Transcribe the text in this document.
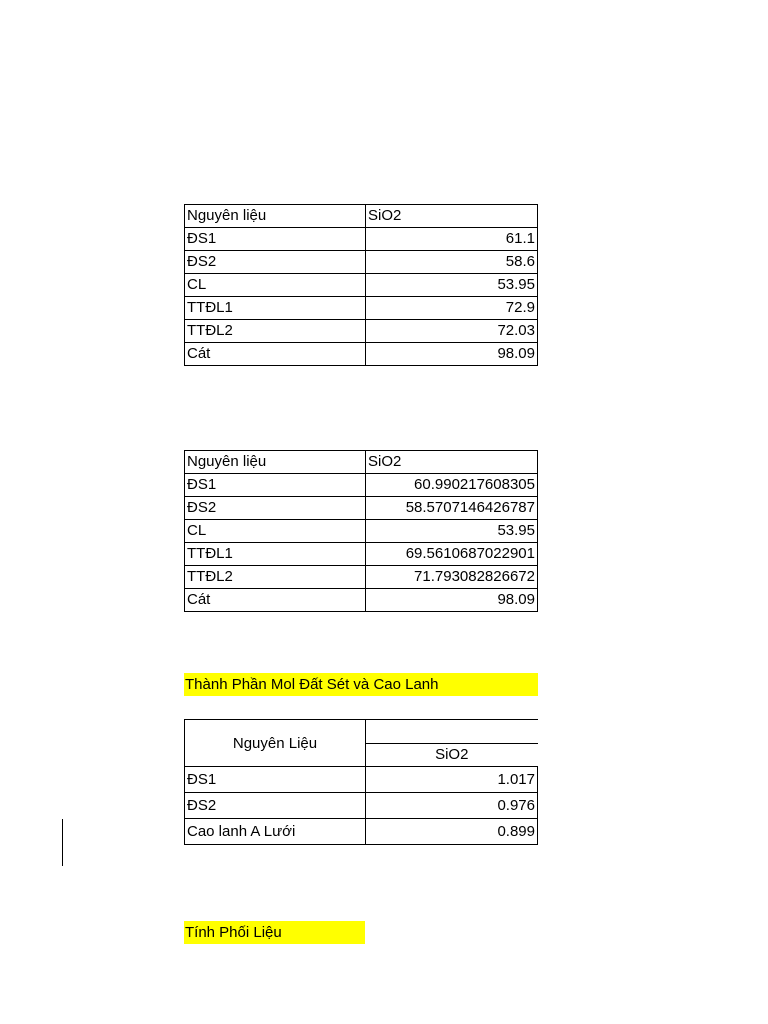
Nguyên liệu	SiO2
ĐS1	61.1
ĐS2	58.6
CL	53.95
TTĐL1	72.9
TTĐL2	72.03
Cát	98.09
Nguyên liệu	SiO2
ĐS1	60.990217608305
ĐS2	58.5707146426787
CL	53.95
TTĐL1	69.5610687022901
TTĐL2	71.793082826672
Cát	98.09
Thành Phần Mol Đất Sét và Cao Lanh
Nguyên Liệu	
	SiO2
ĐS1	1.017
ĐS2	0.976
Cao lanh A Lưới	0.899
Tính Phối Liệu
